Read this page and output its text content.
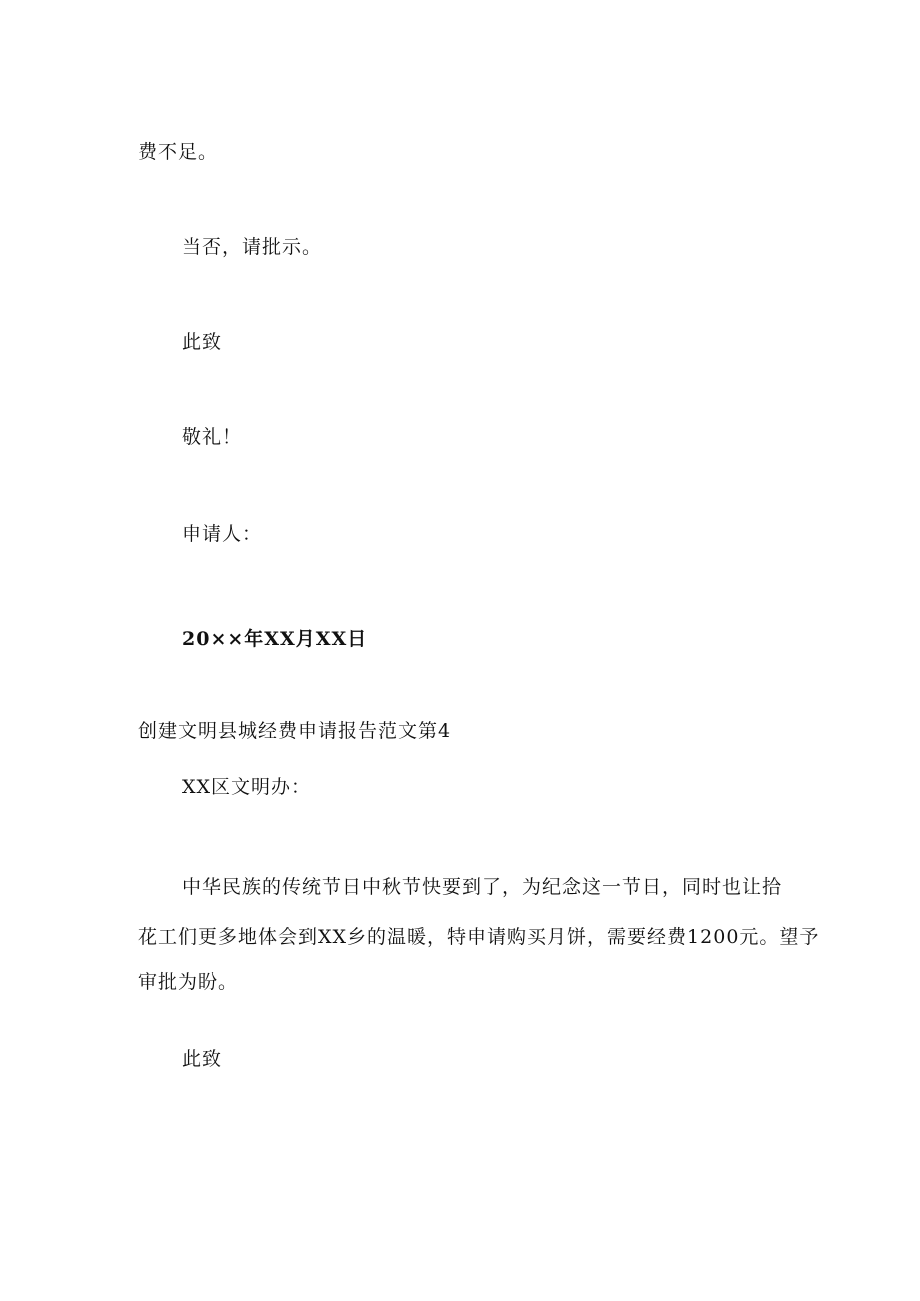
费不足。
当否，请批示。
此致
敬礼！
申请人：
20××年XX月XX日
创建文明县城经费申请报告范文第4
XX区文明办：
中华民族的传统节日中秋节快要到了，为纪念这一节日，同时也让拾
花工们更多地体会到XX乡的温暖，特申请购买月饼，需要经费1200元。望予
审批为盼。
此致
